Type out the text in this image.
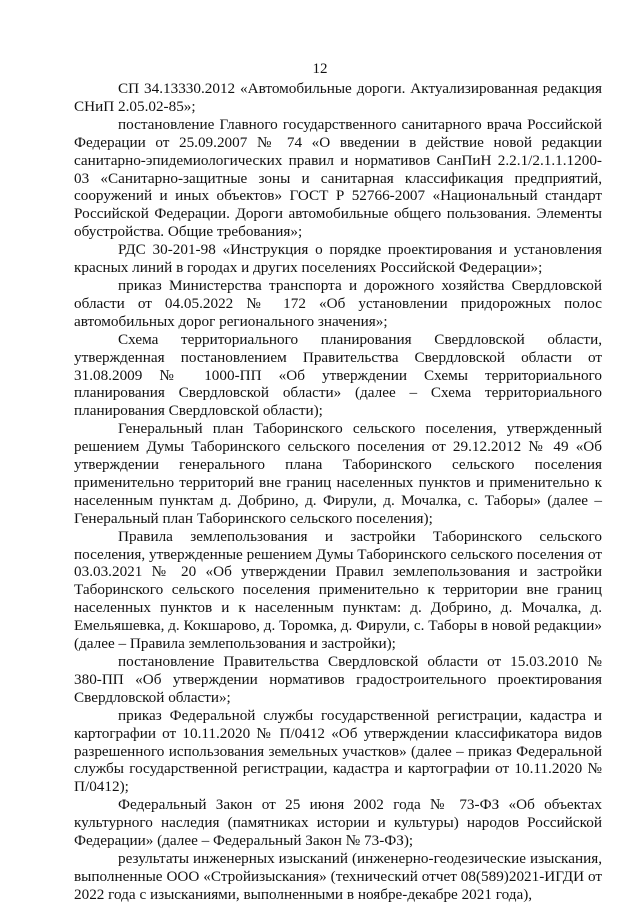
12

СП 34.13330.2012 «Автомобильные дороги. Актуализированная редакция СНиП 2.05.02-85»;

постановление Главного государственного санитарного врача Российской Федерации от 25.09.2007 № 74 «О введении в действие новой редакции санитарно-эпидемиологических правил и нормативов СанПиН 2.2.1/2.1.1.1200-03 «Санитарно-защитные зоны и санитарная классификация предприятий, сооружений и иных объектов» ГОСТ Р 52766-2007 «Национальный стандарт Российской Федерации. Дороги автомобильные общего пользования. Элементы обустройства. Общие требования»;

РДС 30-201-98 «Инструкция о порядке проектирования и установления красных линий в городах и других поселениях Российской Федерации»;

приказ Министерства транспорта и дорожного хозяйства Свердловской области от 04.05.2022 № 172 «Об установлении придорожных полос автомобильных дорог регионального значения»;

Схема территориального планирования Свердловской области, утвержденная постановлением Правительства Свердловской области от 31.08.2009 № 1000-ПП «Об утверждении Схемы территориального планирования Свердловской области» (далее – Схема территориального планирования Свердловской области);

Генеральный план Таборинского сельского поселения, утвержденный решением Думы Таборинского сельского поселения от 29.12.2012 № 49 «Об утверждении генерального плана Таборинского сельского поселения применительно территорий вне границ населенных пунктов и применительно к населенным пунктам д. Добрино, д. Фирули, д. Мочалка, с. Таборы» (далее – Генеральный план Таборинского сельского поселения);

Правила землепользования и застройки Таборинского сельского поселения, утвержденные решением Думы Таборинского сельского поселения от 03.03.2021 № 20 «Об утверждении Правил землепользования и застройки Таборинского сельского поселения применительно к территории вне границ населенных пунктов и к населенным пунктам: д. Добрино, д. Мочалка, д. Емельяшевка, д. Кокшарово, д. Торомка, д. Фирули, с. Таборы в новой редакции» (далее – Правила землепользования и застройки);

постановление Правительства Свердловской области от 15.03.2010 № 380-ПП «Об утверждении нормативов градостроительного проектирования Свердловской области»;

приказ Федеральной службы государственной регистрации, кадастра и картографии от 10.11.2020 № П/0412 «Об утверждении классификатора видов разрешенного использования земельных участков» (далее – приказ Федеральной службы государственной регистрации, кадастра и картографии от 10.11.2020 № П/0412);

Федеральный Закон от 25 июня 2002 года № 73-ФЗ «Об объектах культурного наследия (памятниках истории и культуры) народов Российской Федерации» (далее – Федеральный Закон № 73-ФЗ);

результаты инженерных изысканий (инженерно-геодезические изыскания, выполненные ООО «Стройизыскания» (технический отчет 08(589)2021-ИГДИ от 2022 года с изысканиями, выполненными в ноябре-декабре 2021 года),
